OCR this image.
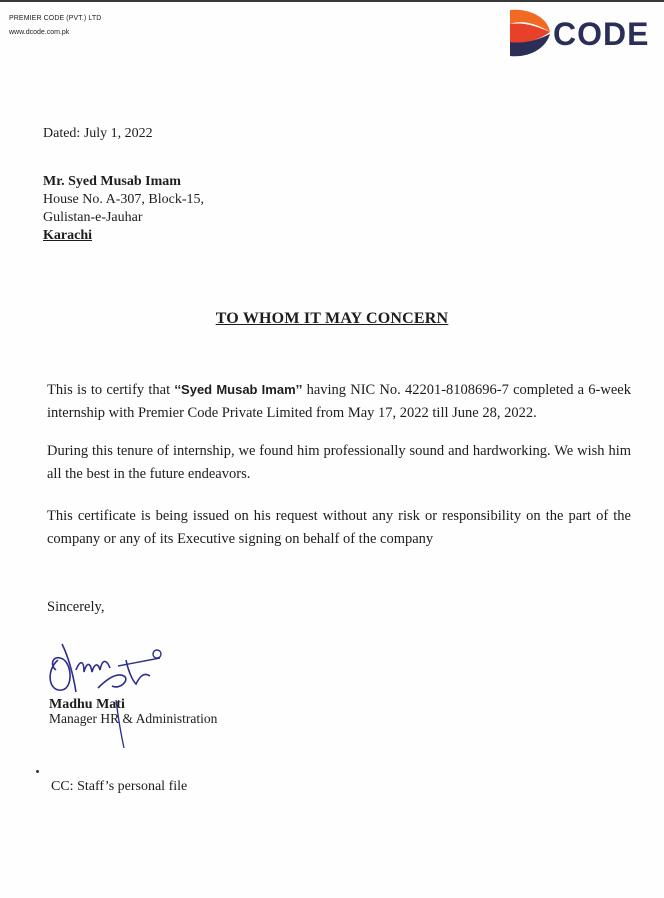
PREMIER CODE (PVT.) LTD
www.dcode.com.pk	CODE
Dated: July 1, 2022
Mr. Syed Musab Imam
House No. A-307, Block-15,
Gulistan-e-Jauhar
Karachi
TO WHOM IT MAY CONCERN
This is to certify that ‘‘Syed Musab Imam’’ having NIC No. 42201-8108696-7 completed a 6-week internship with Premier Code Private Limited from May 17, 2022 till June 28, 2022.
During this tenure of internship, we found him professionally sound and hardworking. We wish him all the best in the future endeavors.
This certificate is being issued on his request without any risk or responsibility on the part of the company or any of its Executive signing on behalf of the company
Sincerely,
Madhu Mati
Manager HR & Administration
CC: Staff’s personal file
